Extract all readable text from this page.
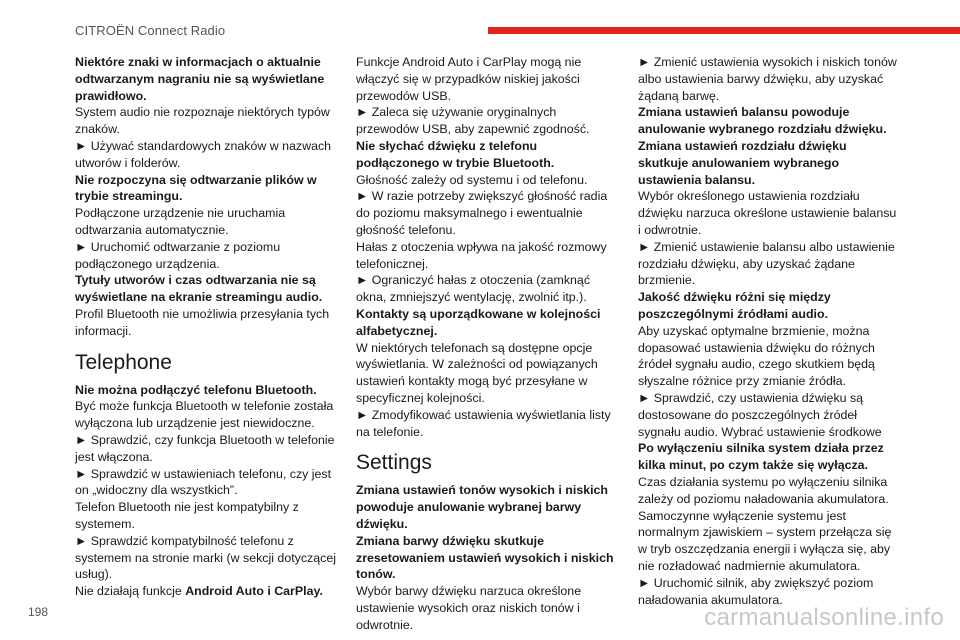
CITROËN Connect Radio

Niektóre znaki w informacjach o aktualnie odtwarzanym nagraniu nie są wyświetlane prawidłowo.

System audio nie rozpoznaje niektórych typów znaków.

► Używać standardowych znaków w nazwach utworów i folderów.

Nie rozpoczyna się odtwarzanie plików w trybie streamingu.

Podłączone urządzenie nie uruchamia odtwarzania automatycznie.

► Uruchomić odtwarzanie z poziomu podłączonego urządzenia.

Tytuły utworów i czas odtwarzania nie są wyświetlane na ekranie streamingu audio.

Profil Bluetooth nie umożliwia przesyłania tych informacji.

Telephone

Nie można podłączyć telefonu Bluetooth.

Być może funkcja Bluetooth w telefonie została wyłączona lub urządzenie jest niewidoczne.

► Sprawdzić, czy funkcja Bluetooth w telefonie jest włączona.

► Sprawdzić w ustawieniach telefonu, czy jest on „widoczny dla wszystkich”.

Telefon Bluetooth nie jest kompatybilny z systemem.

► Sprawdzić kompatybilność telefonu z systemem na stronie marki (w sekcji dotyczącej usług).

Nie działają funkcje Android Auto i CarPlay.

Funkcje Android Auto i CarPlay mogą nie włączyć się w przypadków niskiej jakości przewodów USB.

► Zaleca się używanie oryginalnych przewodów USB, aby zapewnić zgodność.

Nie słychać dźwięku z telefonu podłączonego w trybie Bluetooth.

Głośność zależy od systemu i od telefonu.

► W razie potrzeby zwiększyć głośność radia do poziomu maksymalnego i ewentualnie głośność telefonu.

Hałas z otoczenia wpływa na jakość rozmowy telefonicznej.

► Ograniczyć hałas z otoczenia (zamknąć okna, zmniejszyć wentylację, zwolnić itp.).

Kontakty są uporządkowane w kolejności alfabetycznej.

W niektórych telefonach są dostępne opcje wyświetlania. W zależności od powiązanych ustawień kontakty mogą być przesyłane w specyficznej kolejności.

► Zmodyfikować ustawienia wyświetlania listy na telefonie.

Settings

Zmiana ustawień tonów wysokich i niskich powoduje anulowanie wybranej barwy dźwięku.

Zmiana barwy dźwięku skutkuje zresetowaniem ustawień wysokich i niskich tonów.

Wybór barwy dźwięku narzuca określone ustawienie wysokich oraz niskich tonów i odwrotnie.

► Zmienić ustawienia wysokich i niskich tonów albo ustawienia barwy dźwięku, aby uzyskać żądaną barwę.

Zmiana ustawień balansu powoduje anulowanie wybranego rozdziału dźwięku.

Zmiana ustawień rozdziału dźwięku skutkuje anulowaniem wybranego ustawienia balansu.

Wybór określonego ustawienia rozdziału dźwięku narzuca określone ustawienie balansu i odwrotnie.

► Zmienić ustawienie balansu albo ustawienie rozdziału dźwięku, aby uzyskać żądane brzmienie.

Jakość dźwięku różni się między poszczególnymi źródłami audio.

Aby uzyskać optymalne brzmienie, można dopasować ustawienia dźwięku do różnych źródeł sygnału audio, czego skutkiem będą słyszalne różnice przy zmianie źródła.

► Sprawdzić, czy ustawienia dźwięku są dostosowane do poszczególnych źródeł sygnału audio. Wybrać ustawienie środkowe

Po wyłączeniu silnika system działa przez kilka minut, po czym także się wyłącza.

Czas działania systemu po wyłączeniu silnika zależy od poziomu naładowania akumulatora.

Samoczynne wyłączenie systemu jest normalnym zjawiskiem – system przełącza się w tryb oszczędzania energii i wyłącza się, aby nie rozładować nadmiernie akumulatora.

► Uruchomić silnik, aby zwiększyć poziom naładowania akumulatora.

198	carmanualsonline.info
